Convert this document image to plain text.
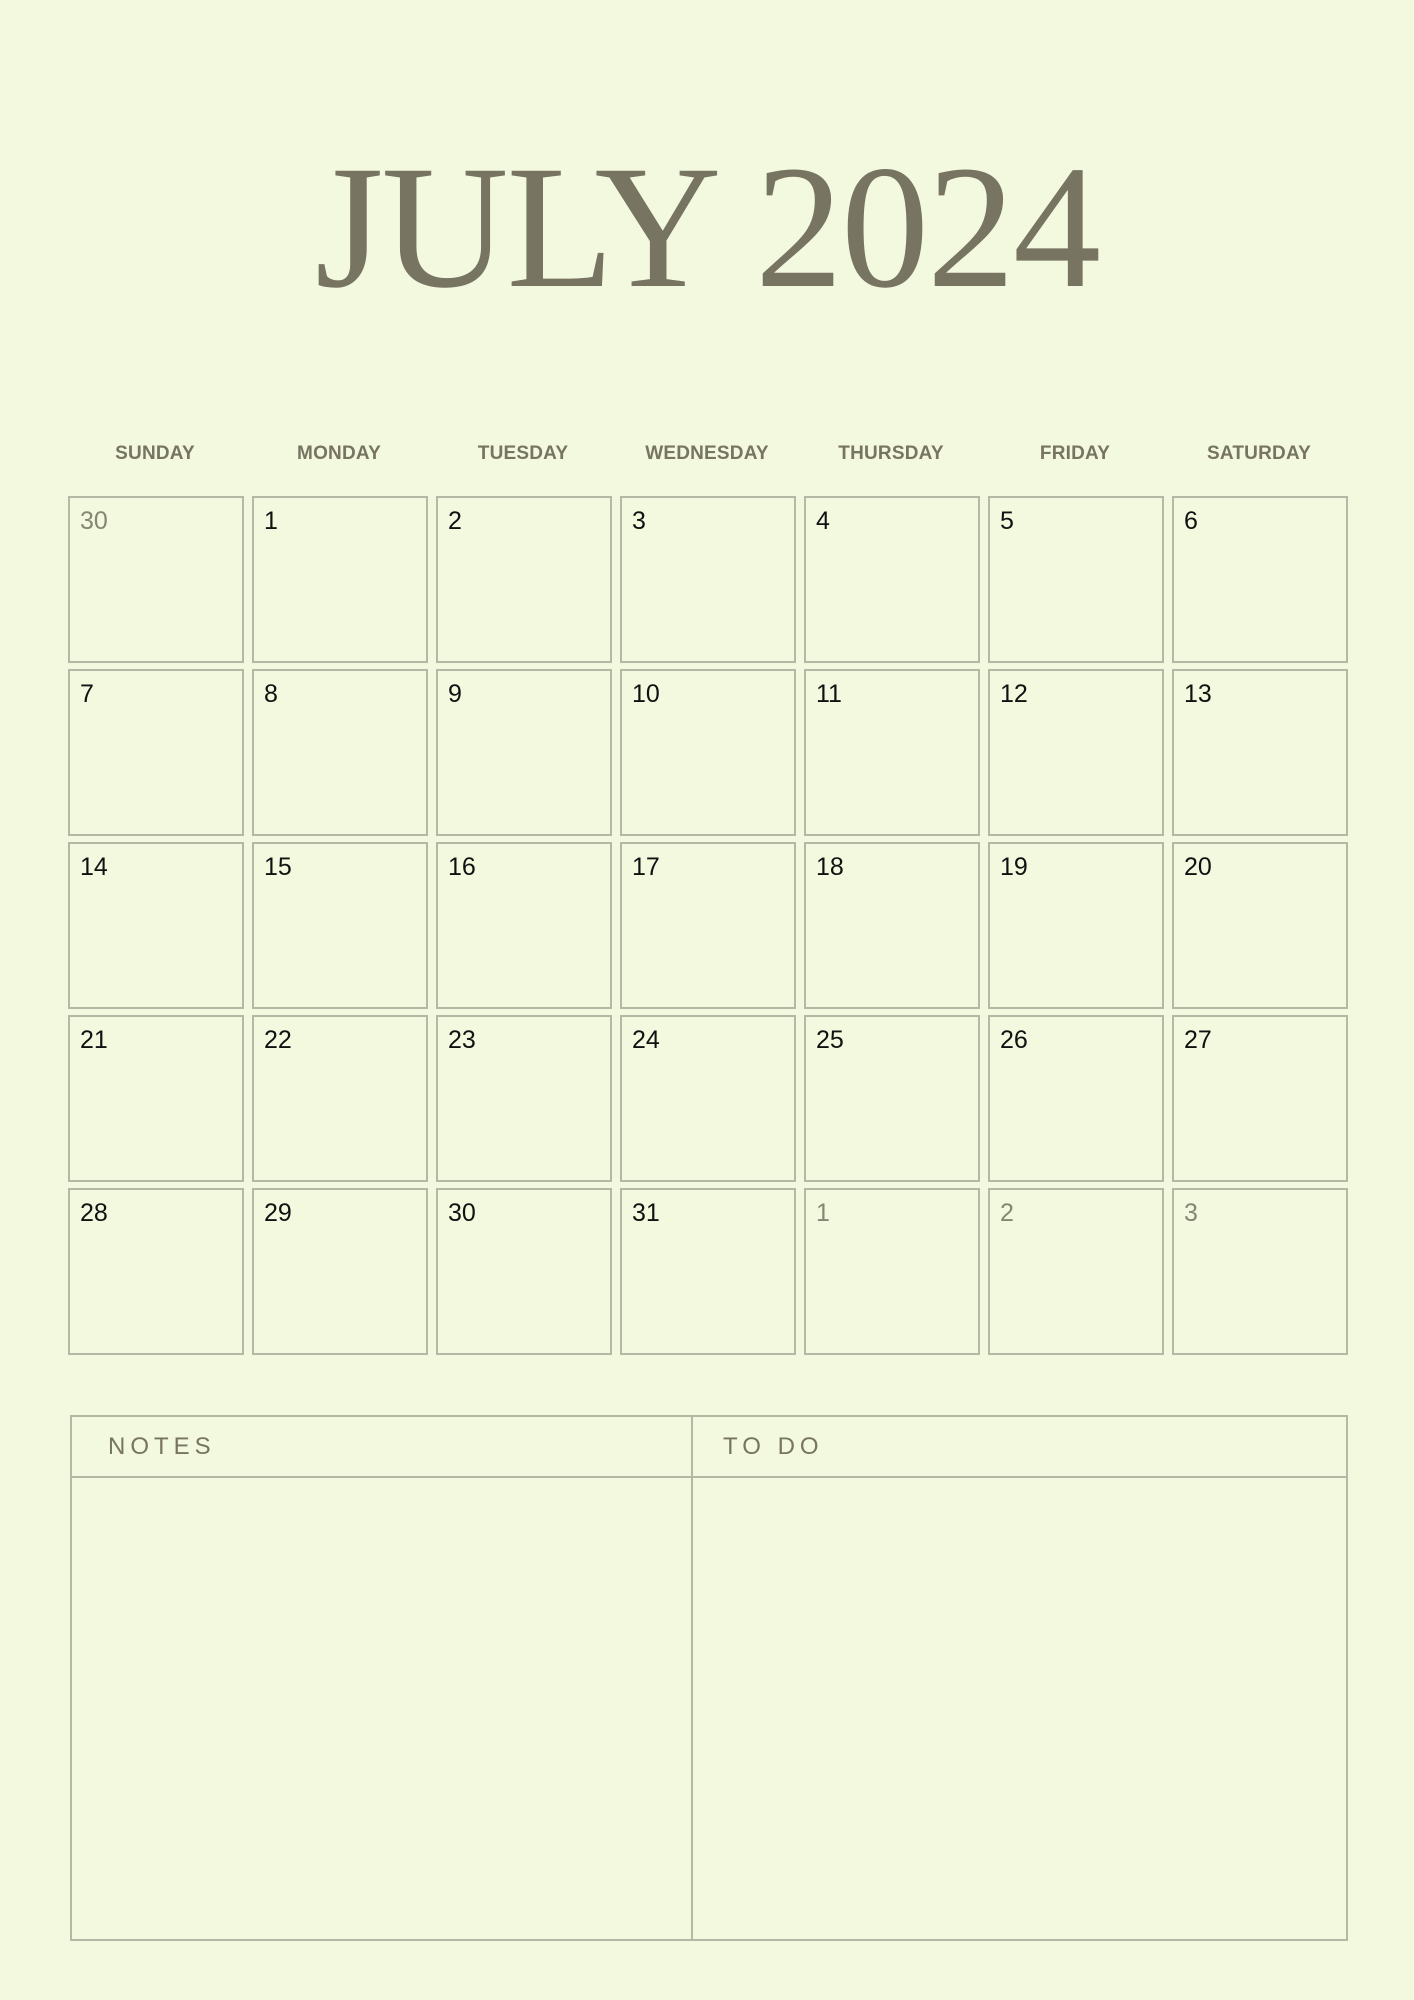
JULY 2024
SUNDAY	MONDAY	TUESDAY	WEDNESDAY	THURSDAY	FRIDAY	SATURDAY
30	1	2	3	4	5	6
7	8	9	10	11	12	13
14	15	16	17	18	19	20
21	22	23	24	25	26	27
28	29	30	31	1	2	3
NOTES	TO DO
